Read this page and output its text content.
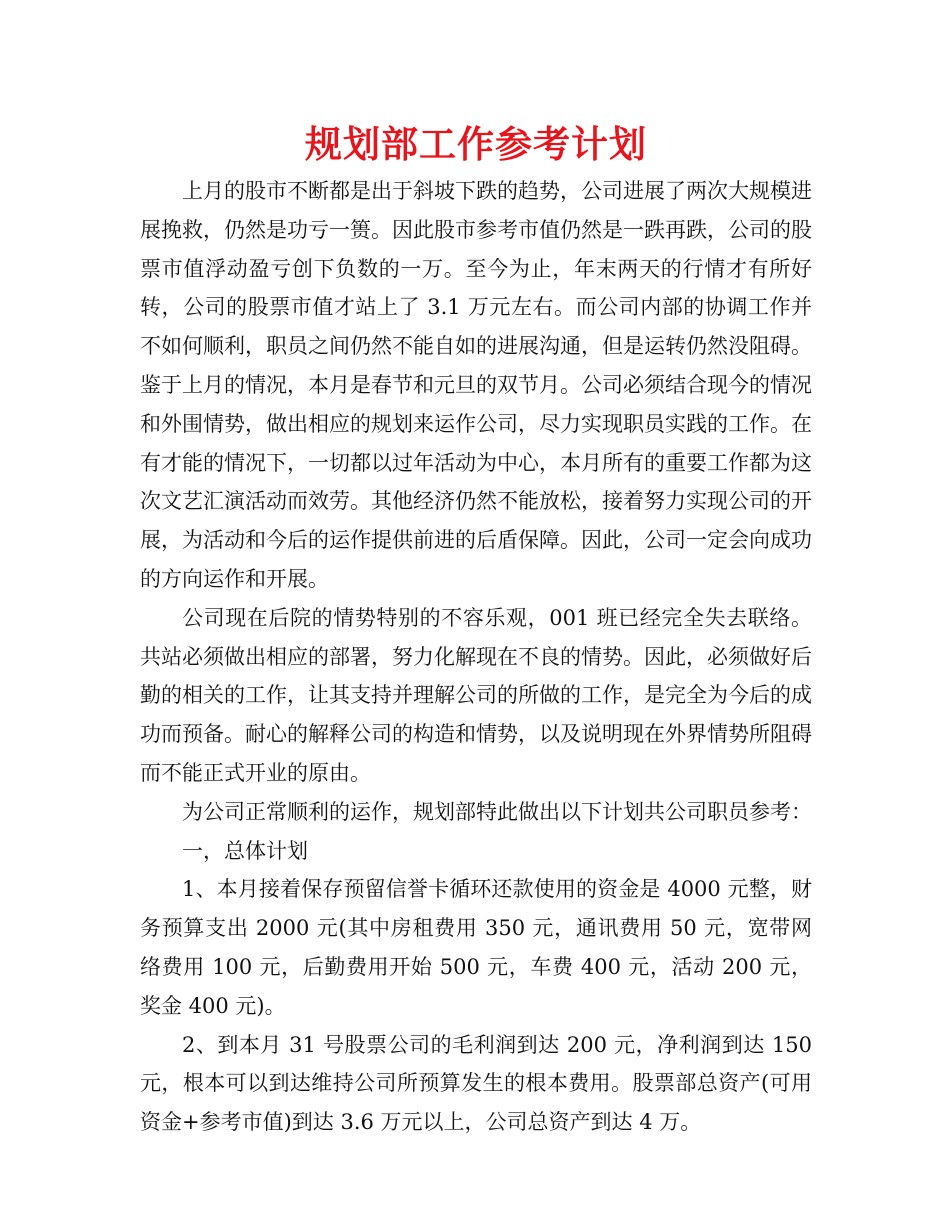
规划部工作参考计划

上月的股市不断都是出于斜坡下跌的趋势，公司进展了两次大规模进展挽救，仍然是功亏一篑。因此股市参考市值仍然是一跌再跌，公司的股票市值浮动盈亏创下负数的一万。至今为止，年末两天的行情才有所好转，公司的股票市值才站上了 3.1 万元左右。而公司内部的协调工作并不如何顺利，职员之间仍然不能自如的进展沟通，但是运转仍然没阻碍。鉴于上月的情况，本月是春节和元旦的双节月。公司必须结合现今的情况和外围情势，做出相应的规划来运作公司，尽力实现职员实践的工作。在有才能的情况下，一切都以过年活动为中心，本月所有的重要工作都为这次文艺汇演活动而效劳。其他经济仍然不能放松，接着努力实现公司的开展，为活动和今后的运作提供前进的后盾保障。因此，公司一定会向成功的方向运作和开展。

公司现在后院的情势特别的不容乐观，001 班已经完全失去联络。共站必须做出相应的部署，努力化解现在不良的情势。因此，必须做好后勤的相关的工作，让其支持并理解公司的所做的工作，是完全为今后的成功而预备。耐心的解释公司的构造和情势，以及说明现在外界情势所阻碍而不能正式开业的原由。

为公司正常顺利的运作，规划部特此做出以下计划共公司职员参考：

一，总体计划

1、本月接着保存预留信誉卡循环还款使用的资金是 4000 元整，财务预算支出 2000 元(其中房租费用 350 元，通讯费用 50 元，宽带网络费用 100 元，后勤费用开始 500 元，车费 400 元，活动 200 元，奖金 400 元)。

2、到本月 31 号股票公司的毛利润到达 200 元，净利润到达 150 元，根本可以到达维持公司所预算发生的根本费用。股票部总资产(可用资金+参考市值)到达 3.6 万元以上，公司总资产到达 4 万。
